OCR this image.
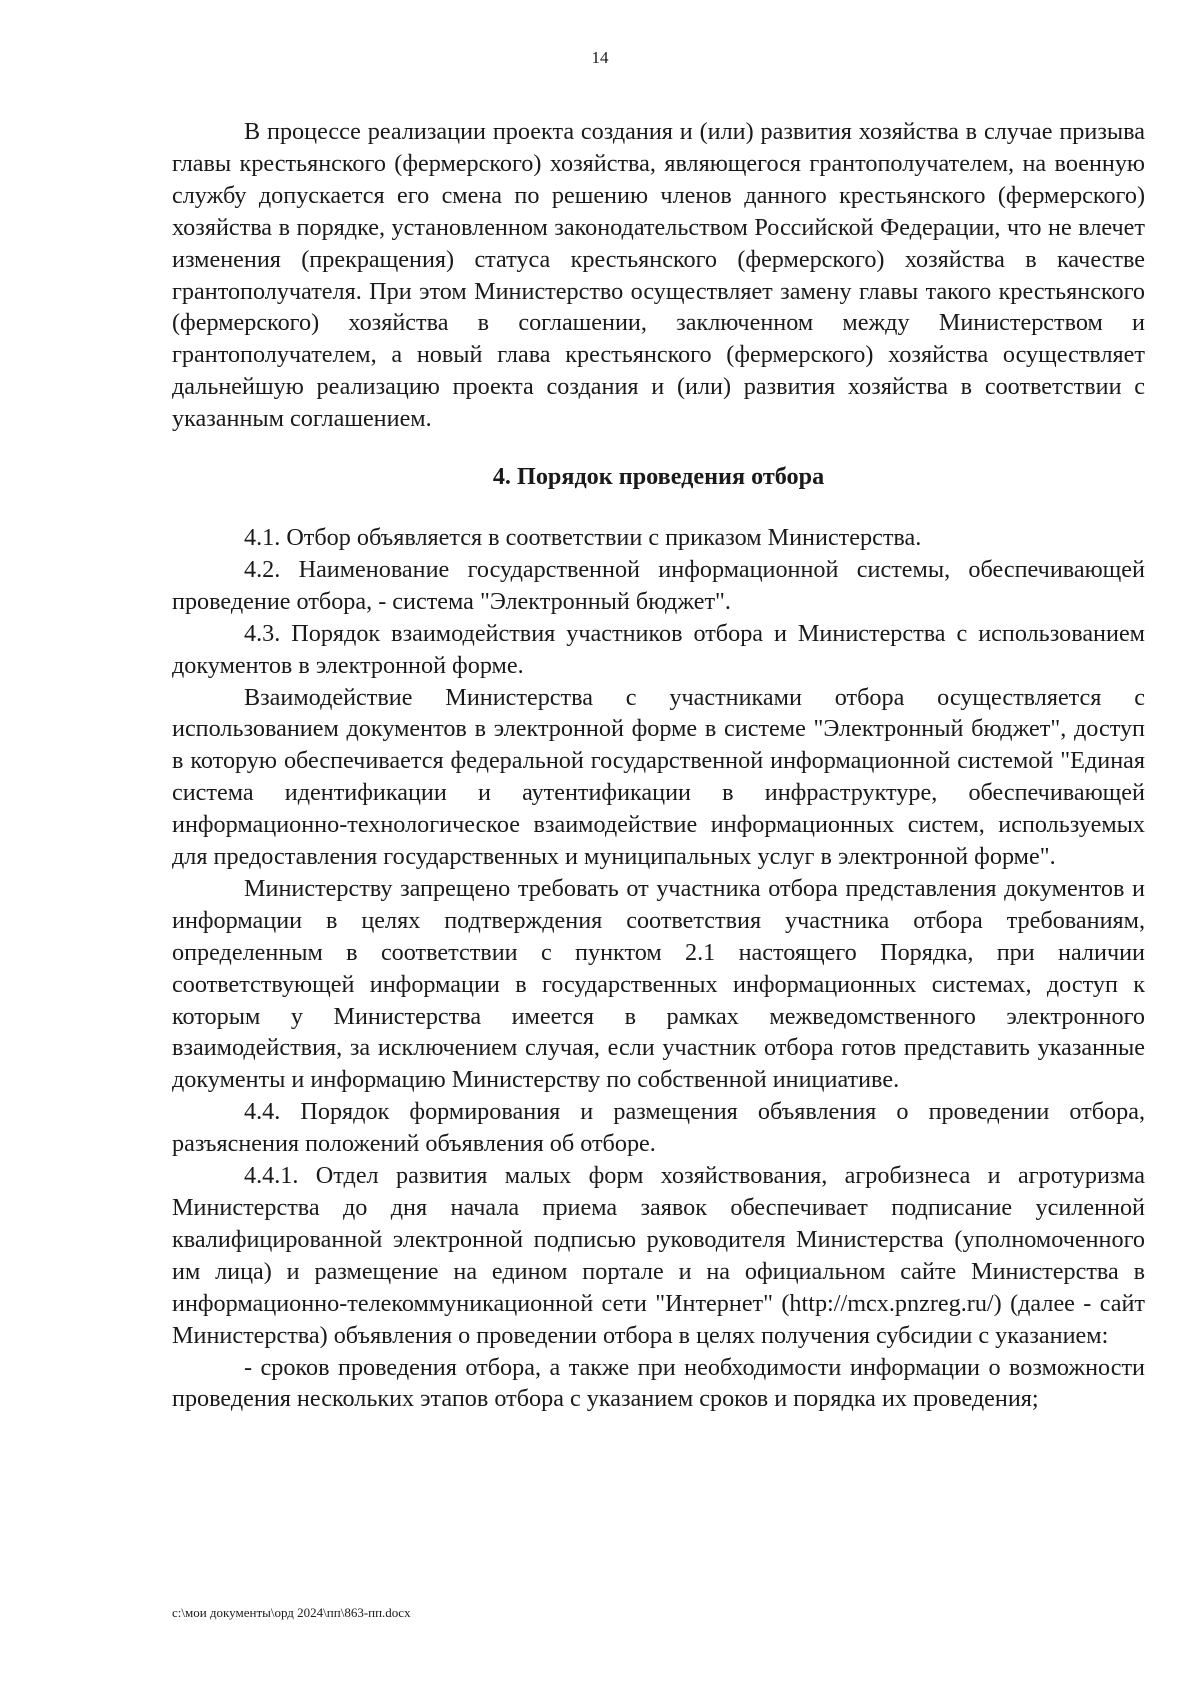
14

В процессе реализации проекта создания и (или) развития хозяйства в случае призыва главы крестьянского (фермерского) хозяйства, являющегося грантополучателем, на военную службу допускается его смена по решению членов данного крестьянского (фермерского) хозяйства в порядке, установленном законодательством Российской Федерации, что не влечет изменения (прекращения) статуса крестьянского (фермерского) хозяйства в качестве грантополучателя. При этом Министерство осуществляет замену главы такого крестьянского (фермерского) хозяйства в соглашении, заключенном между Министерством и грантополучателем, а новый глава крестьянского (фермерского) хозяйства осуществляет дальнейшую реализацию проекта создания и (или) развития хозяйства в соответствии с указанным соглашением.

4. Порядок проведения отбора

4.1. Отбор объявляется в соответствии с приказом Министерства.

4.2. Наименование государственной информационной системы, обеспечивающей проведение отбора, - система "Электронный бюджет".

4.3. Порядок взаимодействия участников отбора и Министерства с использованием документов в электронной форме.

Взаимодействие Министерства с участниками отбора осуществляется с использованием документов в электронной форме в системе "Электронный бюджет", доступ в которую обеспечивается федеральной государственной информационной системой "Единая система идентификации и аутентификации в инфраструктуре, обеспечивающей информационно-технологическое взаимодействие информационных систем, используемых для предоставления государственных и муниципальных услуг в электронной форме".

Министерству запрещено требовать от участника отбора представления документов и информации в целях подтверждения соответствия участника отбора требованиям, определенным в соответствии с пунктом 2.1 настоящего Порядка, при наличии соответствующей информации в государственных информационных системах, доступ к которым у Министерства имеется в рамках межведомственного электронного взаимодействия, за исключением случая, если участник отбора готов представить указанные документы и информацию Министерству по собственной инициативе.

4.4. Порядок формирования и размещения объявления о проведении отбора, разъяснения положений объявления об отборе.

4.4.1. Отдел развития малых форм хозяйствования, агробизнеса и агротуризма Министерства до дня начала приема заявок обеспечивает подписание усиленной квалифицированной электронной подписью руководителя Министерства (уполномоченного им лица) и размещение на едином портале и на официальном сайте Министерства в информационно-телекоммуникационной сети "Интернет" (http://mcx.pnzreg.ru/) (далее - сайт Министерства) объявления о проведении отбора в целях получения субсидии с указанием:

- сроков проведения отбора, а также при необходимости информации о возможности проведения нескольких этапов отбора с указанием сроков и порядка их проведения;

c:\мои документы\орд 2024\пп\863-пп.docx
